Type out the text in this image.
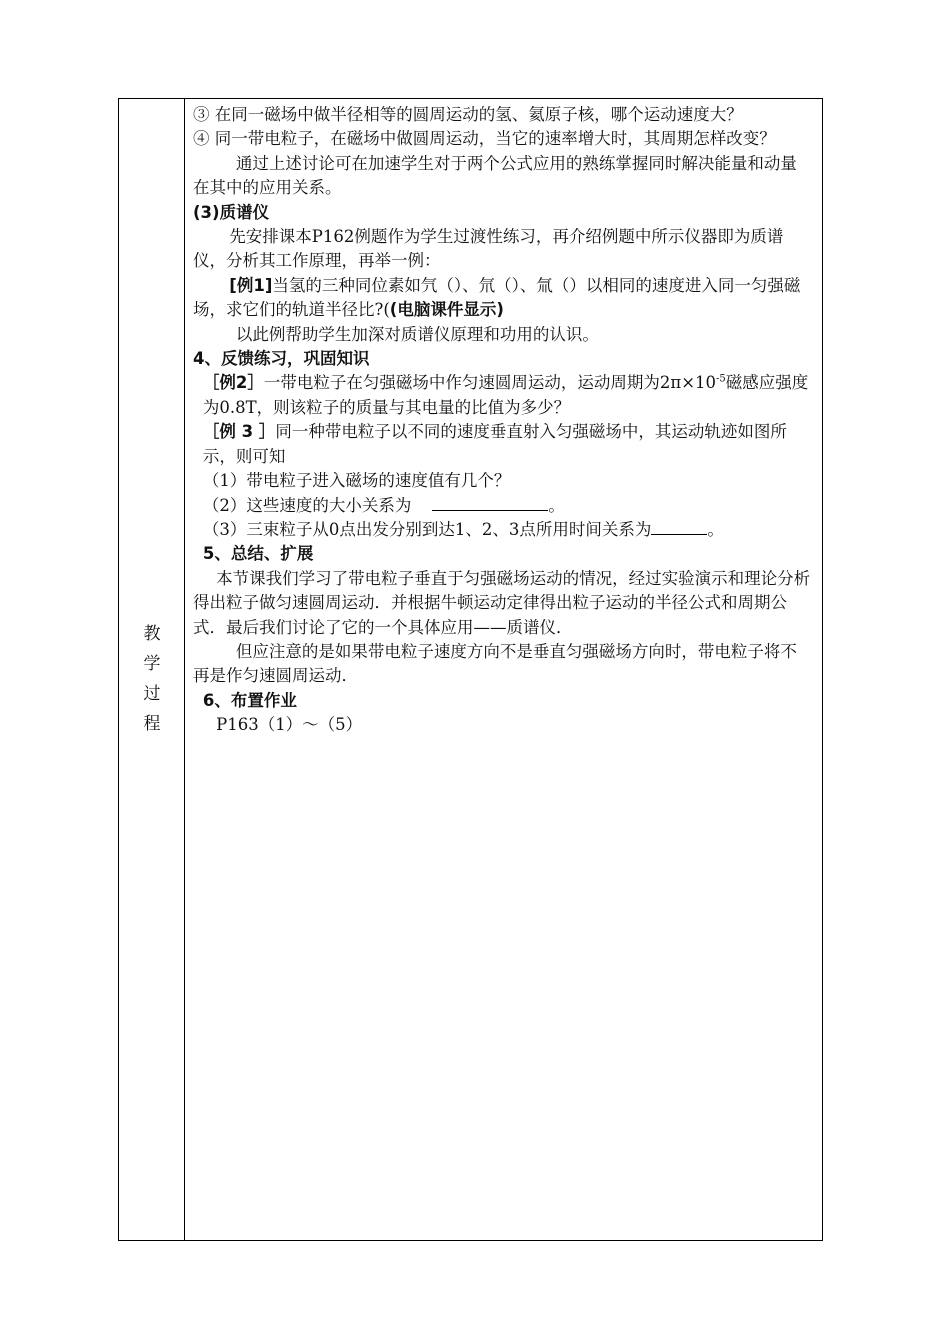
教
学
过
程

③ 在同一磁场中做半径相等的圆周运动的氢、氦原子核，哪个运动速度大？

④ 同一带电粒子，在磁场中做圆周运动，当它的速率增大时，其周期怎样改变？

通过上述讨论可在加速学生对于两个公式应用的熟练掌握同时解决能量和动量在其中的应用关系。

(3)质谱仪

先安排课本P162例题作为学生过渡性练习，再介绍例题中所示仪器即为质谱仪，分析其工作原理，再举一例：

[例1]当氢的三种同位素如氕（）、氘（）、氚（）以相同的速度进入同一匀强磁场，求它们的轨道半径比?((电脑课件显示)

以此例帮助学生加深对质谱仪原理和功用的认识。

4、反馈练习，巩固知识

［例2］一带电粒子在匀强磁场中作匀速圆周运动，运动周期为$2\pi\times 10^{-5}$磁感应强度为0.8T，则该粒子的质量与其电量的比值为多少？

［例 3 ］同一种带电粒子以不同的速度垂直射入匀强磁场中，其运动轨迹如图所示，则可知

（1）带电粒子进入磁场的速度值有几个？

（2）这些速度的大小关系为	。

（3）三束粒子从0点出发分别到达1、2、3点所用时间关系为	。

5、总结、扩展

本节课我们学习了带电粒子垂直于匀强磁场运动的情况，经过实验演示和理论分析得出粒子做匀速圆周运动．并根据牛顿运动定律得出粒子运动的半径公式和周期公式．最后我们讨论了它的一个具体应用——质谱仪．

但应注意的是如果带电粒子速度方向不是垂直匀强磁场方向时，带电粒子将不再是作匀速圆周运动．

6、布置作业

P163（1）～（5）
